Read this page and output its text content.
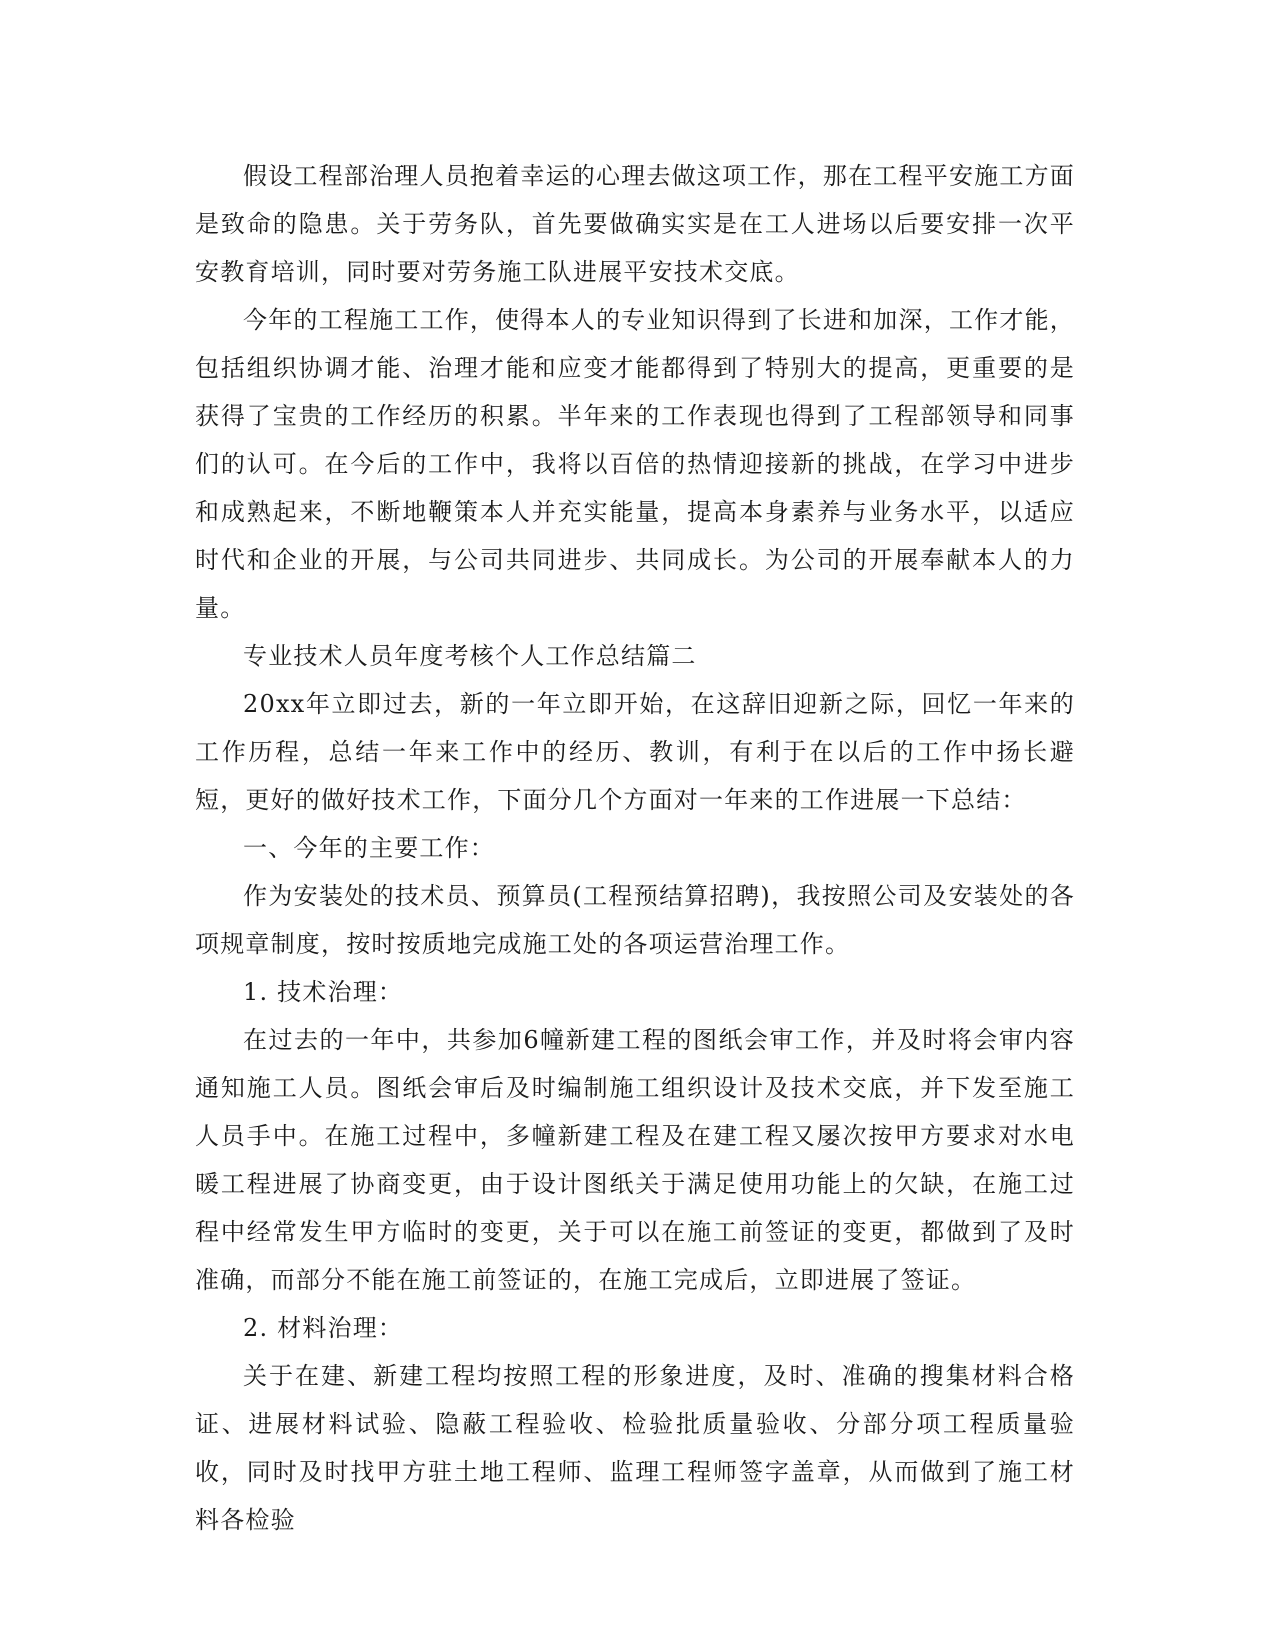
假设工程部治理人员抱着幸运的心理去做这项工作，那在工程平安施工方面是致命的隐患。关于劳务队，首先要做确实实是在工人进场以后要安排一次平安教育培训，同时要对劳务施工队进展平安技术交底。

今年的工程施工工作，使得本人的专业知识得到了长进和加深，工作才能，包括组织协调才能、治理才能和应变才能都得到了特别大的提高，更重要的是获得了宝贵的工作经历的积累。半年来的工作表现也得到了工程部领导和同事们的认可。在今后的工作中，我将以百倍的热情迎接新的挑战，在学习中进步和成熟起来，不断地鞭策本人并充实能量，提高本身素养与业务水平，以适应时代和企业的开展，与公司共同进步、共同成长。为公司的开展奉献本人的力量。

专业技术人员年度考核个人工作总结篇二

20xx年立即过去，新的一年立即开始，在这辞旧迎新之际，回忆一年来的工作历程，总结一年来工作中的经历、教训，有利于在以后的工作中扬长避短，更好的做好技术工作，下面分几个方面对一年来的工作进展一下总结：

一、今年的主要工作：

作为安装处的技术员、预算员(工程预结算招聘)，我按照公司及安装处的各项规章制度，按时按质地完成施工处的各项运营治理工作。

1. 技术治理：

在过去的一年中，共参加6幢新建工程的图纸会审工作，并及时将会审内容通知施工人员。图纸会审后及时编制施工组织设计及技术交底，并下发至施工人员手中。在施工过程中，多幢新建工程及在建工程又屡次按甲方要求对水电暖工程进展了协商变更，由于设计图纸关于满足使用功能上的欠缺，在施工过程中经常发生甲方临时的变更，关于可以在施工前签证的变更，都做到了及时准确，而部分不能在施工前签证的，在施工完成后，立即进展了签证。

2. 材料治理：

关于在建、新建工程均按照工程的形象进度，及时、准确的搜集材料合格证、进展材料试验、隐蔽工程验收、检验批质量验收、分部分项工程质量验收，同时及时找甲方驻土地工程师、监理工程师签字盖章，从而做到了施工材料各检验
